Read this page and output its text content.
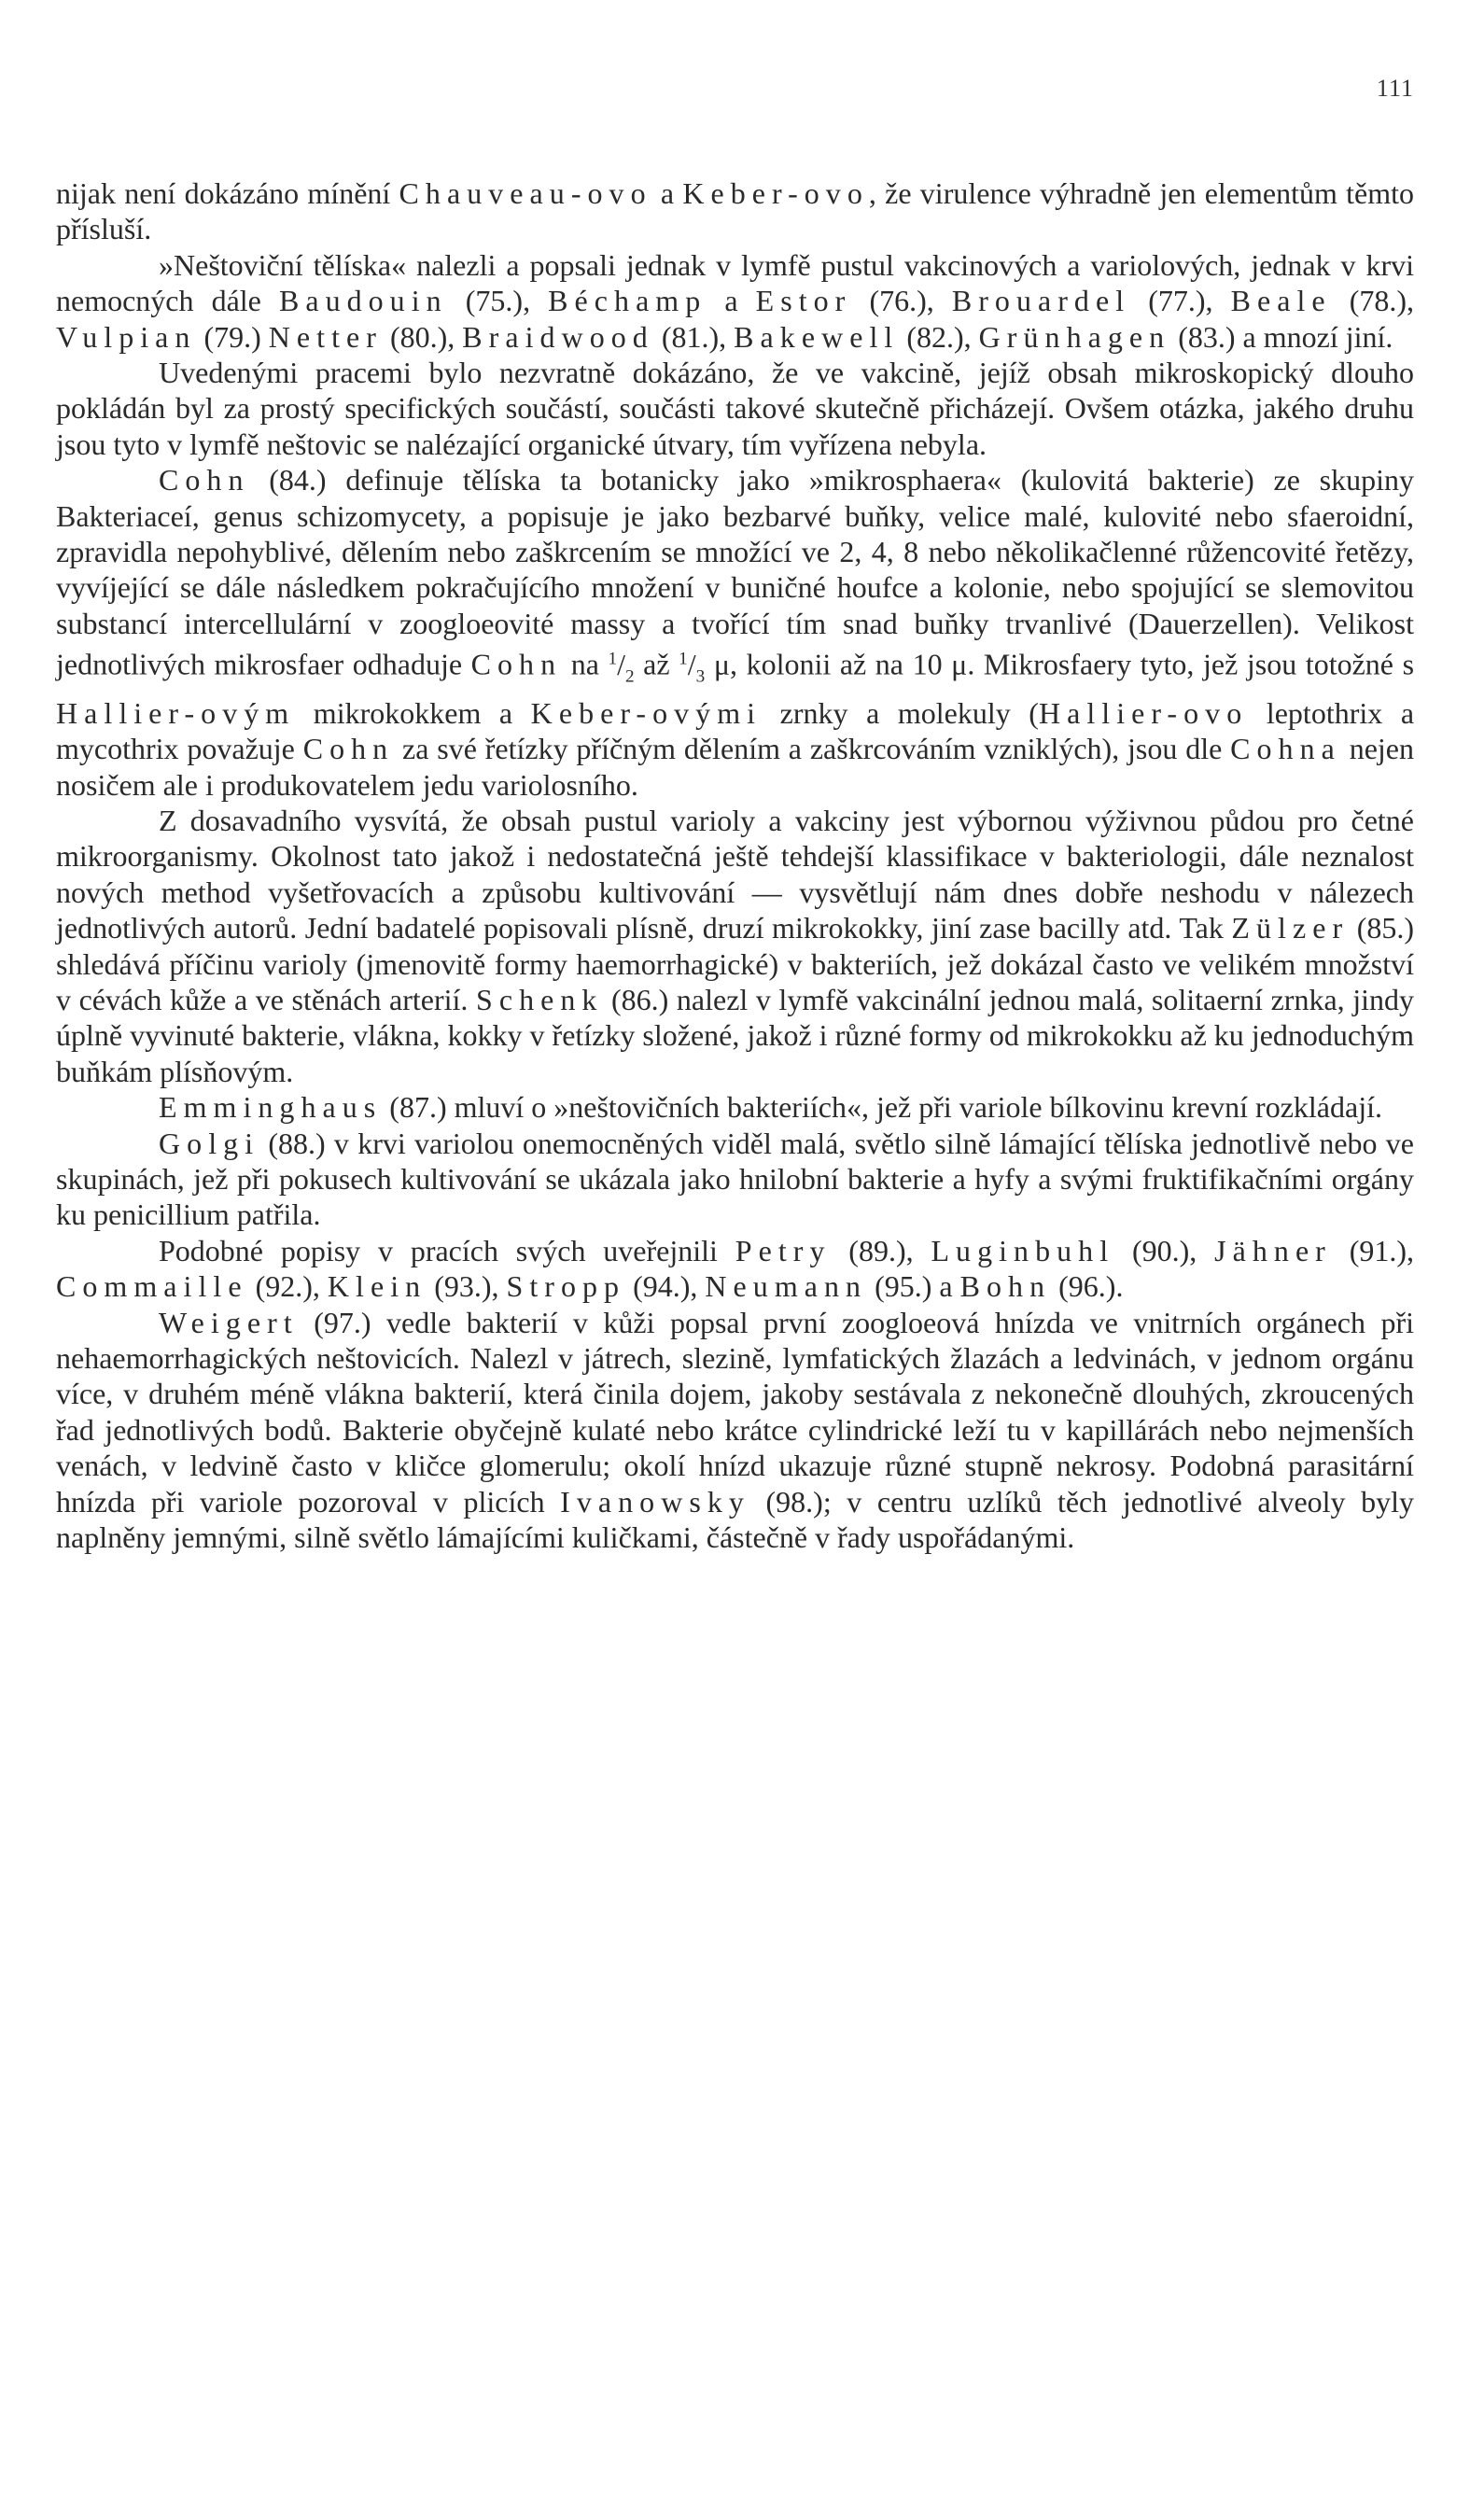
111

nijak není dokázáno mínění Chauveau-ovo a Keber-ovo, že virulence výhradně jen elementům těmto přísluší.

»Neštoviční tělíska« nalezli a popsali jednak v lymfě pustul vakcinových a variolových, jednak v krvi nemocných dále Baudouin (75.), Béchamp a Estor (76.), Brouardel (77.), Beale (78.), Vulpian (79.) Netter (80.), Braidwood (81.), Bakewell (82.), Grünhagen (83.) a mnozí jiní.

Uvedenými pracemi bylo nezvratně dokázáno, že ve vakcině, jejíž obsah mikroskopický dlouho pokládán byl za prostý specifických součástí, součásti takové skutečně přicházejí. Ovšem otázka, jakého druhu jsou tyto v lymfě neštovic se nalézající organické útvary, tím vyřízena nebyla.

Cohn (84.) definuje tělíska ta botanicky jako »mikrosphaera« (kulovitá bakterie) ze skupiny Bakteriaceí, genus schizomycety, a popisuje je jako bezbarvé buňky, velice malé, kulovité nebo sfaeroidní, zpravidla nepohyblivé, dělením nebo zaškrcením se množící ve 2, 4, 8 nebo několikačlenné růžencovité řetězy, vyvíjející se dále následkem pokračujícího množení v buničné houfce a kolonie, nebo spojující se slemovitou substancí intercellulární v zoogloeovité massy a tvořící tím snad buňky trvanlivé (Dauerzellen). Velikost jednotlivých mikrosfaer odhaduje Cohn na $^1/_2$ až $^1/_3$ μ, kolonii až na 10 μ. Mikrosfaery tyto, jež jsou totožné s Hallier-ovým mikrokokkem a Keber-ovými zrnky a molekuly (Hallier-ovo leptothrix a mycothrix považuje Cohn za své řetízky příčným dělením a zaškrcováním vzniklých), jsou dle Cohna nejen nosičem ale i produkovatelem jedu variolosního.

Z dosavadního vysvítá, že obsah pustul varioly a vakciny jest výbornou výživnou půdou pro četné mikroorganismy. Okolnost tato jakož i nedostatečná ještě tehdejší klassifikace v bakteriologii, dále neznalost nových method vyšetřovacích a způsobu kultivování — vysvětlují nám dnes dobře neshodu v nálezech jednotlivých autorů. Jední badatelé popisovali plísně, druzí mikrokokky, jiní zase bacilly atd. Tak Zülzer (85.) shledává příčinu varioly (jmenovitě formy haemorrhagické) v bakteriích, jež dokázal často ve velikém množství v cévách kůže a ve stěnách arterií. Schenk (86.) nalezl v lymfě vakcinální jednou malá, solitaerní zrnka, jindy úplně vyvinuté bakterie, vlákna, kokky v řetízky složené, jakož i různé formy od mikrokokku až ku jednoduchým buňkám plísňovým.

Emminghaus (87.) mluví o »neštovičních bakteriích«, jež při variole bílkovinu krevní rozkládají.

Golgi (88.) v krvi variolou onemocněných viděl malá, světlo silně lámající tělíska jednotlivě nebo ve skupinách, jež při pokusech kultivování se ukázala jako hnilobní bakterie a hyfy a svými fruktifikačními orgány ku penicillium patřila.

Podobné popisy v pracích svých uveřejnili Petry (89.), Luginbuhl (90.), Jähner (91.), Commaille (92.), Klein (93.), Stropp (94.), Neumann (95.) a Bohn (96.).

Weigert (97.) vedle bakterií v kůži popsal první zoogloeová hnízda ve vnitrních orgánech při nehaemorrhagických neštovicích. Nalezl v játrech, slezině, lymfatických žlazách a ledvinách, v jednom orgánu více, v druhém méně vlákna bakterií, která činila dojem, jakoby sestávala z nekonečně dlouhých, zkroucených řad jednotlivých bodů. Bakterie obyčejně kulaté nebo krátce cylindrické leží tu v kapillárách nebo nejmenších venách, v ledvině často v kličce glomerulu; okolí hnízd ukazuje různé stupně nekrosy. Podobná parasitární hnízda při variole pozoroval v plicích Ivanowsky (98.); v centru uzlíků těch jednotlivé alveoly byly naplněny jemnými, silně světlo lámajícími kuličkami, částečně v řady uspořádanými.
